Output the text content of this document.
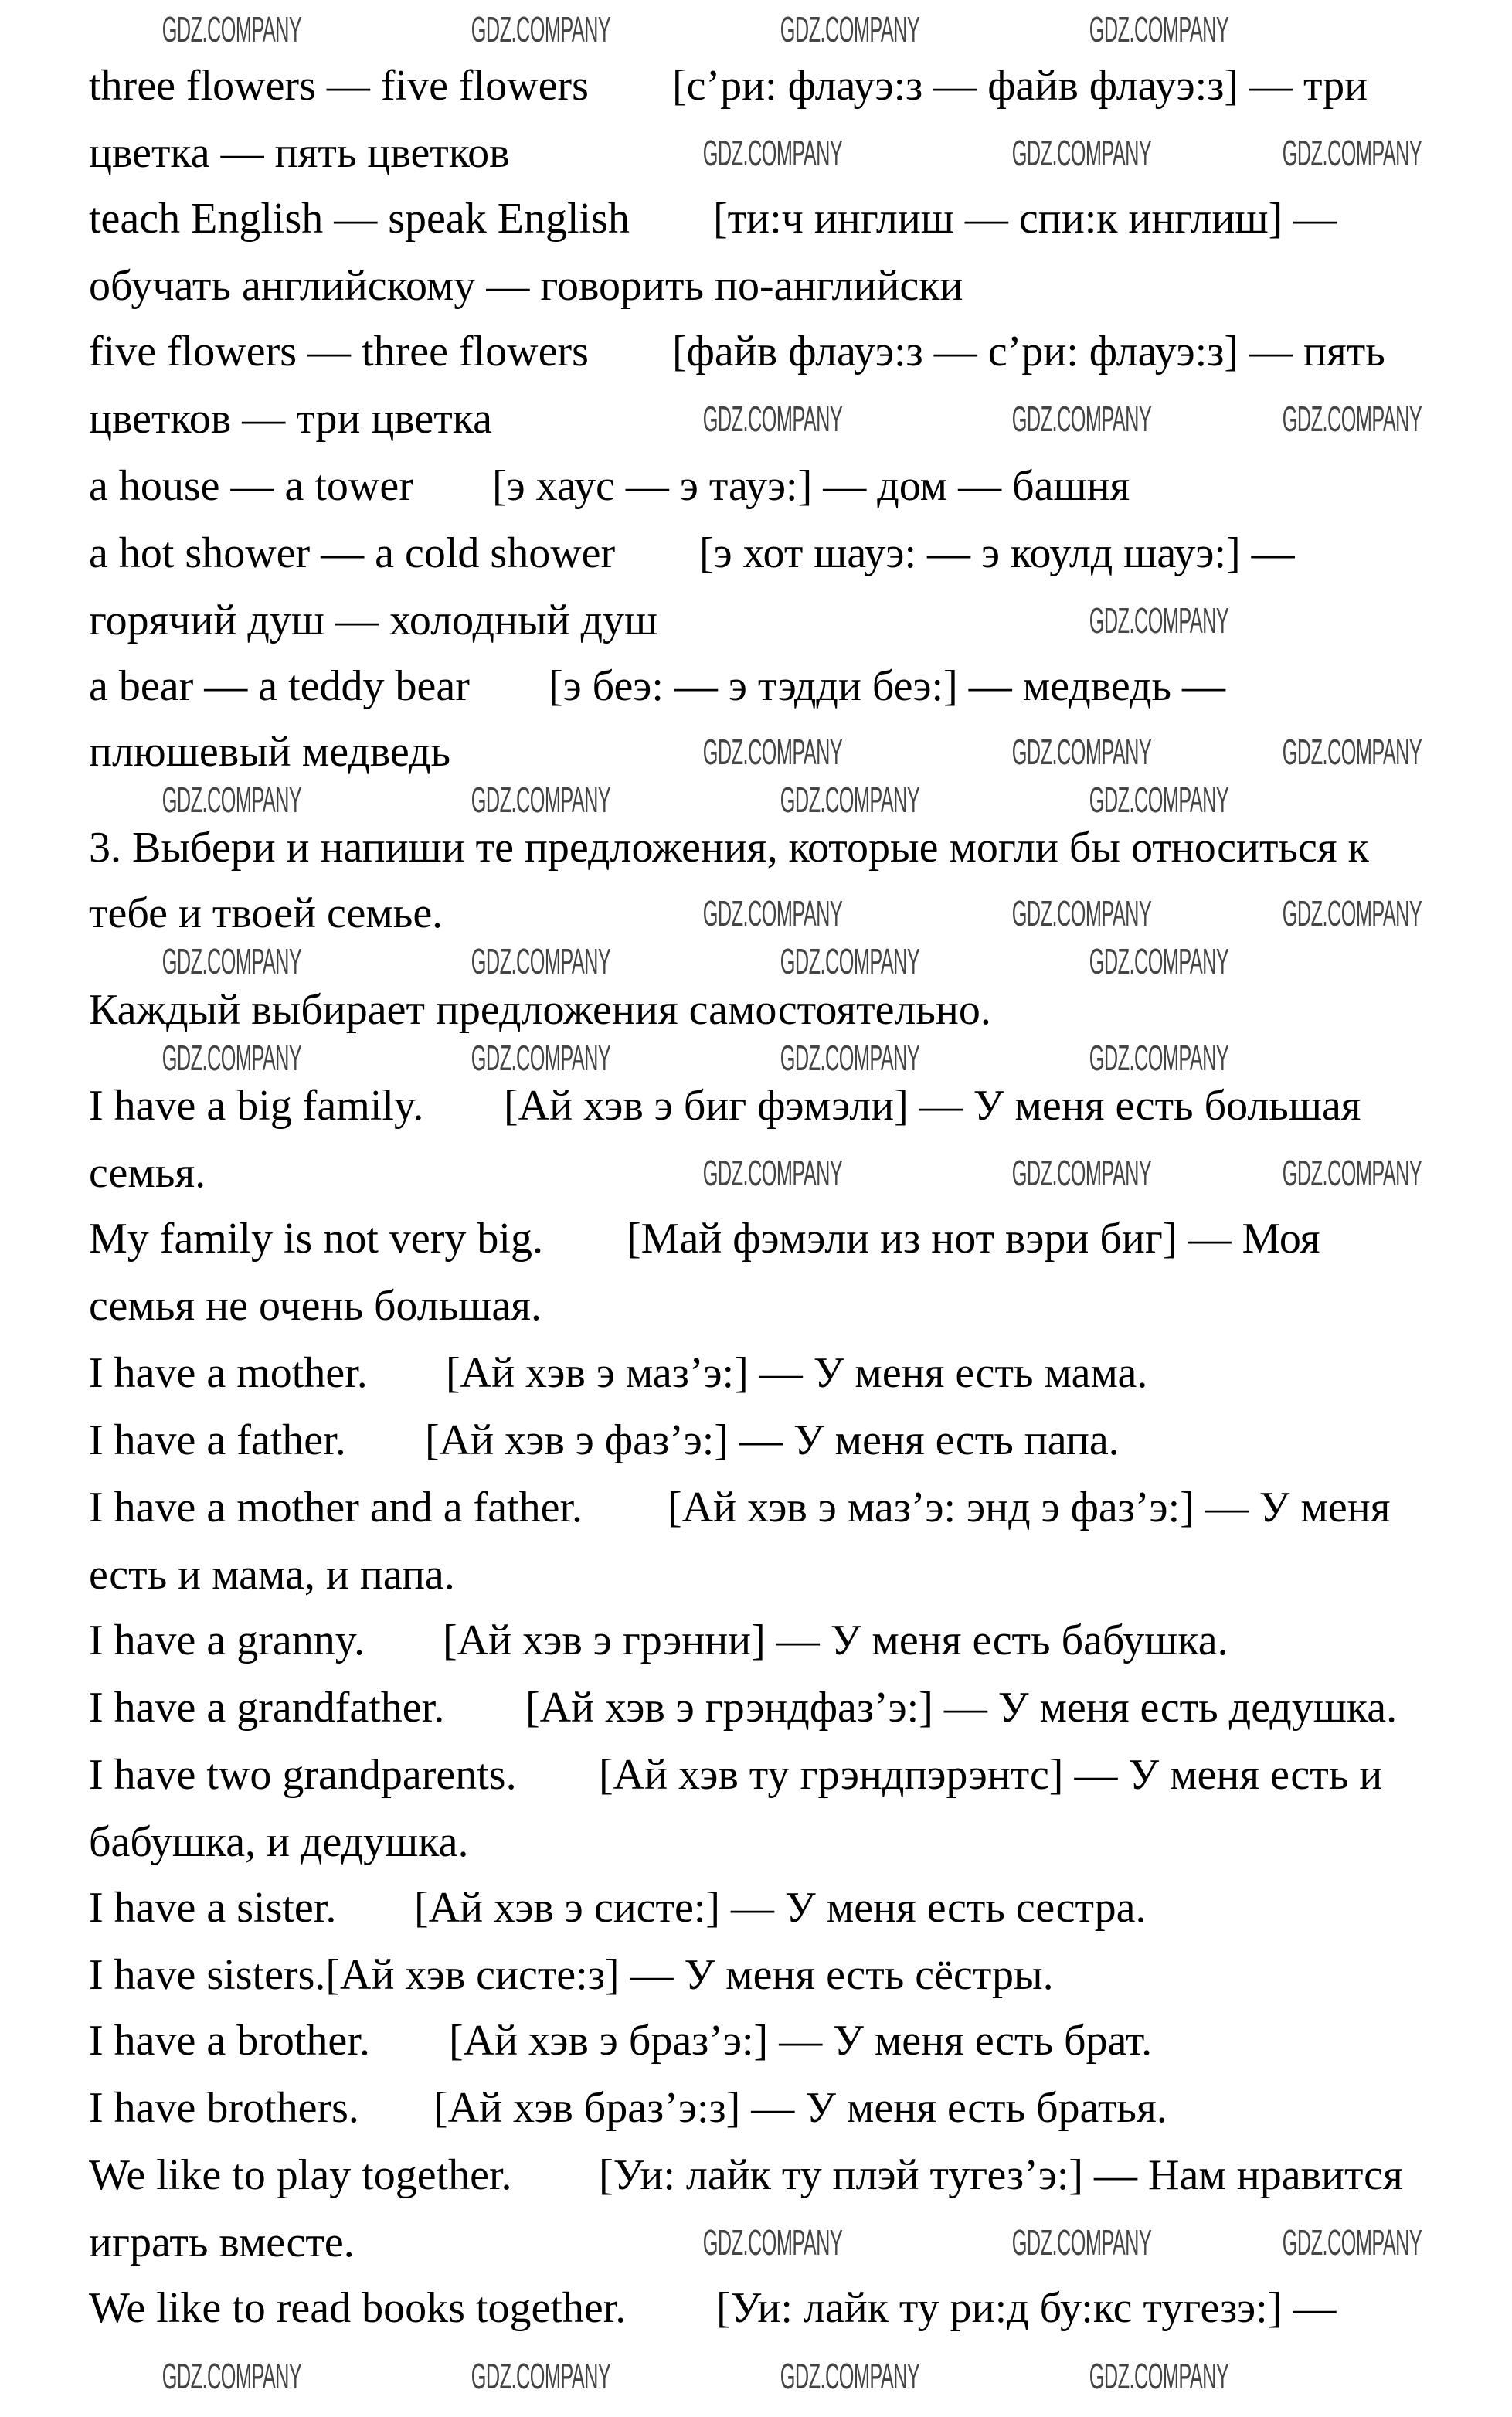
three flowers — five flowers [с’ри: флауэ:з — файв флауэ:з] — три
цветка — пять цветков
teach English — speak English [ти:ч инглиш — спи:к инглиш] —
обучать английскому — говорить по-английски
five flowers — three flowers [файв флауэ:з — с’ри: флауэ:з] — пять
цветков — три цветка
a house — a tower [э хаус — э тауэ:] — дом — башня
a hot shower — a cold shower [э хот шауэ: — э коулд шауэ:] —
горячий душ — холодный душ
a bear — a teddy bear [э беэ: — э тэдди беэ:] — медведь —
плюшевый медведь
3. Выбери и напиши те предложения, которые могли бы относиться к
тебе и твоей семье.
Каждый выбирает предложения самостоятельно.
I have a big family. [Ай хэв э биг фэмэли] — У меня есть большая
семья.
My family is not very big. [Май фэмэли из нот вэри биг] — Моя
семья не очень большая.
I have a mother. [Ай хэв э маз’э:] — У меня есть мама.
I have a father. [Ай хэв э фаз’э:] — У меня есть папа.
I have a mother and a father. [Ай хэв э маз’э: энд э фаз’э:] — У меня
есть и мама, и папа.
I have a granny. [Ай хэв э грэнни] — У меня есть бабушка.
I have a grandfather. [Ай хэв э грэндфаз’э:] — У меня есть дедушка.
I have two grandparents. [Ай хэв ту грэндпэрэнтс] — У меня есть и
бабушка, и дедушка.
I have a sister. [Ай хэв э систе:] — У меня есть сестра.
I have sisters. [Ай хэв систе:з] — У меня есть сёстры.
I have a brother. [Ай хэв э браз’э:] — У меня есть брат.
I have brothers. [Ай хэв браз’э:з] — У меня есть братья.
We like to play together. [Уи: лайк ту плэй тугез’э:] — Нам нравится
играть вместе.
We like to read books together. [Уи: лайк ту ри:д бу:кс тугезэ:] —
GDZ.COMPANY
GDZ.COMPANY
GDZ.COMPANY
GDZ.COMPANY
GDZ.COMPANY
GDZ.COMPANY
GDZ.COMPANY
GDZ.COMPANY
GDZ.COMPANY
GDZ.COMPANY
GDZ.COMPANY
GDZ.COMPANY
GDZ.COMPANY
GDZ.COMPANY
GDZ.COMPANY
GDZ.COMPANY
GDZ.COMPANY
GDZ.COMPANY
GDZ.COMPANY
GDZ.COMPANY
GDZ.COMPANY	GDZ.COMPANY	GDZ.COMPANY
GDZ.COMPANY	GDZ.COMPANY	GDZ.COMPANY
GDZ.COMPANY	GDZ.COMPANY	GDZ.COMPANY
GDZ.COMPANY	GDZ.COMPANY	GDZ.COMPANY
GDZ.COMPANY	GDZ.COMPANY	GDZ.COMPANY
GDZ.COMPANY	GDZ.COMPANY	GDZ.COMPANY
GDZ.COMPANY
